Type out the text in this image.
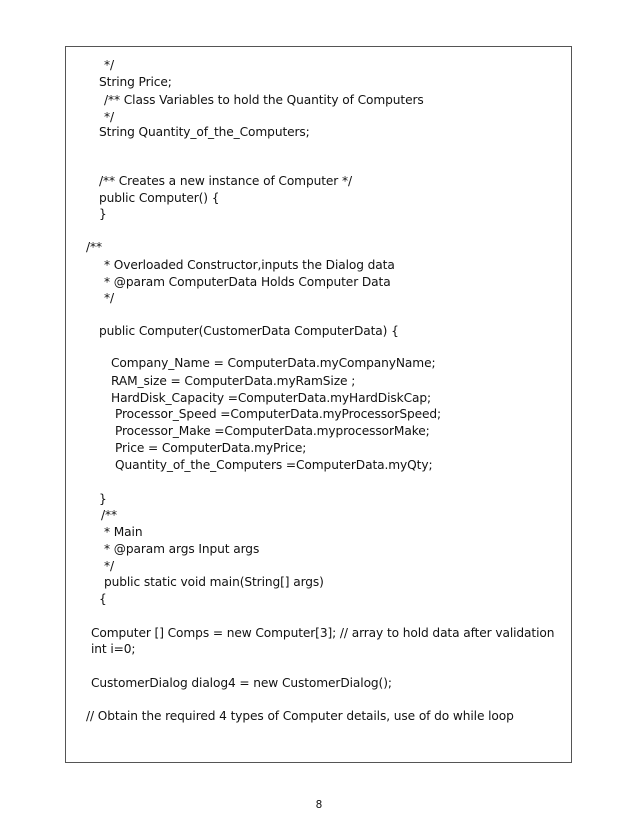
*/
String Price;
/** Class Variables to hold the Quantity of Computers
*/
String Quantity_of_the_Computers;
/** Creates a new instance of Computer */
public Computer() {
}
/**
* Overloaded Constructor,inputs the Dialog data
* @param ComputerData Holds Computer Data
*/
public Computer(CustomerData ComputerData) {
Company_Name = ComputerData.myCompanyName;
RAM_size = ComputerData.myRamSize ;
HardDisk_Capacity =ComputerData.myHardDiskCap;
Processor_Speed =ComputerData.myProcessorSpeed;
Processor_Make =ComputerData.myprocessorMake;
Price = ComputerData.myPrice;
Quantity_of_the_Computers =ComputerData.myQty;
}
/**
* Main
* @param args Input args
*/
public static void main(String[] args)
{
Computer [] Comps = new Computer[3]; // array to hold data after validation
int i=0;
CustomerDialog dialog4 = new CustomerDialog();
// Obtain the required 4 types of Computer details, use of do while loop
8
